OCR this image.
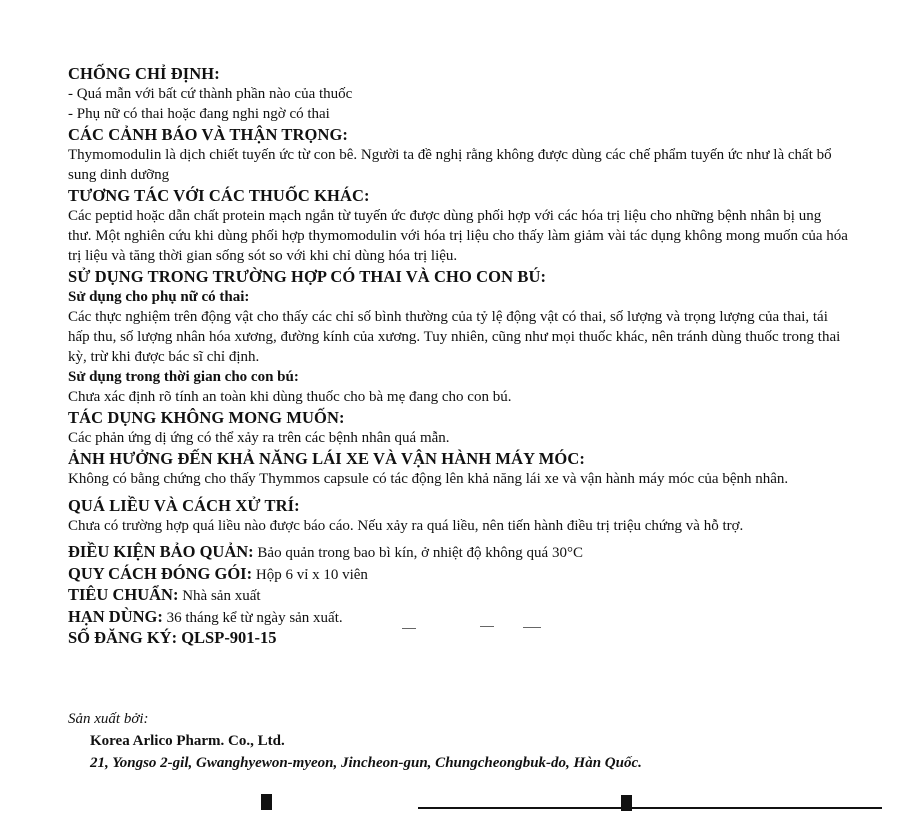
CHỐNG CHỈ ĐỊNH:

- Quá mẫn với bất cứ thành phần nào của thuốc

- Phụ nữ có thai hoặc đang nghi ngờ có thai

CÁC CẢNH BÁO VÀ THẬN TRỌNG:

Thymomodulin là dịch chiết tuyến ức từ con bê. Người ta đề nghị rằng không được dùng các chế phẩm tuyến ức như là chất bổ sung dinh dưỡng

TƯƠNG TÁC VỚI CÁC THUỐC KHÁC:

Các peptid hoặc dẫn chất protein mạch ngắn từ tuyến ức được dùng phối hợp với các hóa trị liệu cho những bệnh nhân bị ung thư. Một nghiên cứu khi dùng phối hợp thymomodulin với hóa trị liệu cho thấy làm giảm vài tác dụng không mong muốn của hóa trị liệu và tăng thời gian sống sót so với khi chỉ dùng hóa trị liệu.

SỬ DỤNG TRONG TRƯỜNG HỢP CÓ THAI VÀ CHO CON BÚ:
Sử dụng cho phụ nữ có thai:

Các thực nghiệm trên động vật cho thấy các chỉ số bình thường của tỷ lệ động vật có thai, số lượng và trọng lượng của thai, tái hấp thu, số lượng nhân hóa xương, đường kính của xương. Tuy nhiên, cũng như mọi thuốc khác, nên tránh dùng thuốc trong thai kỳ, trừ khi được bác sĩ chỉ định.

Sử dụng trong thời gian cho con bú:

Chưa xác định rõ tính an toàn khi dùng thuốc cho bà mẹ đang cho con bú.

TÁC DỤNG KHÔNG MONG MUỐN:

Các phản ứng dị ứng có thể xảy ra trên các bệnh nhân quá mẫn.

ẢNH HƯỞNG ĐẾN KHẢ NĂNG LÁI XE VÀ VẬN HÀNH MÁY MÓC:

Không có bằng chứng cho thấy Thymmos capsule có tác động lên khả năng lái xe và vận hành máy móc của bệnh nhân.

QUÁ LIỀU VÀ CÁCH XỬ TRÍ:

Chưa có trường hợp quá liều nào được báo cáo. Nếu xảy ra quá liều, nên tiến hành điều trị triệu chứng và hỗ trợ.

ĐIỀU KIỆN BẢO QUẢN: Bảo quản trong bao bì kín, ở nhiệt độ không quá 30°C
QUY CÁCH ĐÓNG GÓI: Hộp 6 vỉ x 10 viên
TIÊU CHUẨN: Nhà sản xuất
HẠN DÙNG: 36 tháng kể từ ngày sản xuất.
SỐ ĐĂNG KÝ: QLSP-901-15
Sản xuất bởi:
Korea Arlico Pharm. Co., Ltd.
21, Yongso 2-gil, Gwanghyewon-myeon, Jincheon-gun, Chungcheongbuk-do, Hàn Quốc.
